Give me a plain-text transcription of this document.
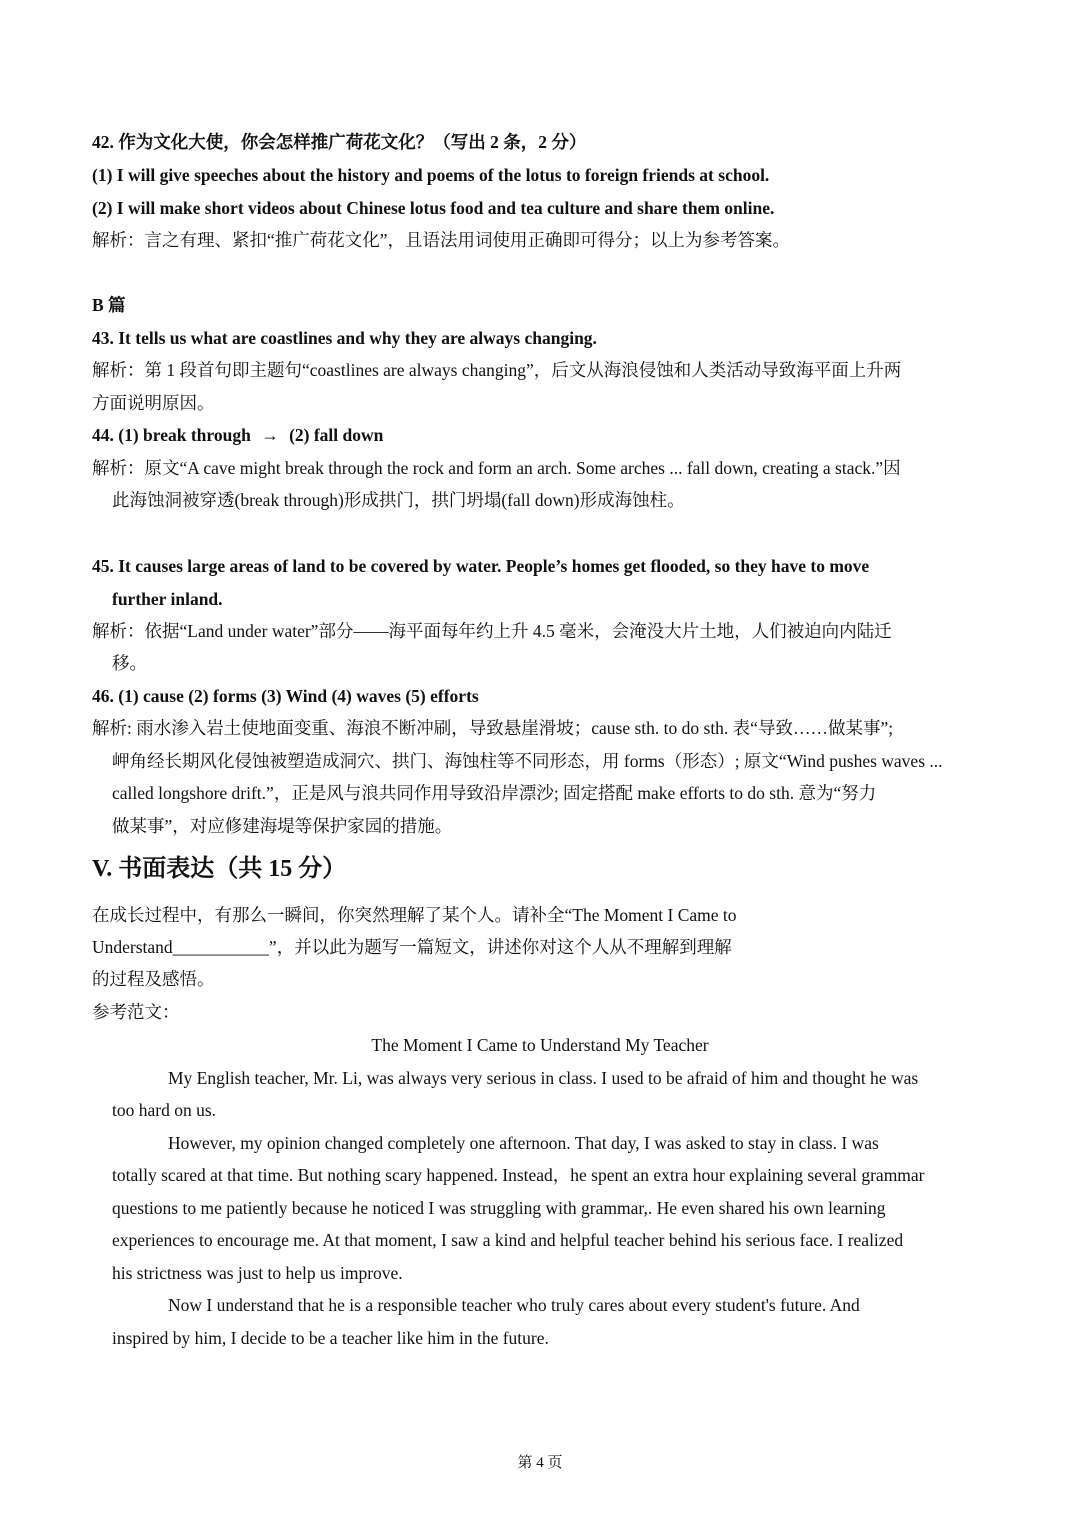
42. 作为文化大使，你会怎样推广荷花文化？（写出 2 条，2 分）
(1) I will give speeches about the history and poems of the lotus to foreign friends at school.
(2) I will make short videos about Chinese lotus food and tea culture and share them online.
解析：言之有理、紧扣“推广荷花文化”，且语法用词使用正确即可得分；以上为参考答案。
B 篇
43. It tells us what are coastlines and why they are always changing.
解析：第 1 段首句即主题句“coastlines are always changing”，后文从海浪侵蚀和人类活动导致海平面上升两
方面说明原因。
44. (1) break through → (2) fall down
解析：原文“A cave might break through the rock and form an arch. Some arches ... fall down, creating a stack.”因
此海蚀洞被穿透(break through)形成拱门，拱门坍塌(fall down)形成海蚀柱。
45. It causes large areas of land to be covered by water. People’s homes get flooded, so they have to move
further inland.
解析：依据“Land under water”部分——海平面每年约上升 4.5 毫米，会淹没大片土地，人们被迫向内陆迁
移。
46. (1) cause (2) forms (3) Wind (4) waves (5) efforts
解析: 雨水渗入岩土使地面变重、海浪不断冲刷，导致悬崖滑坡；cause sth. to do sth. 表“导致……做某事”;
岬角经长期风化侵蚀被塑造成洞穴、拱门、海蚀柱等不同形态，用 forms（形态）; 原文“Wind pushes waves ...
called longshore drift.”，正是风与浪共同作用导致沿岸漂沙; 固定搭配 make efforts to do sth. 意为“努力
做某事”，对应修建海堤等保护家园的措施。
V. 书面表达（共 15 分）
在成长过程中，有那么一瞬间，你突然理解了某个人。请补全“The Moment I Came to
Understand___________”，并以此为题写一篇短文，讲述你对这个人从不理解到理解
的过程及感悟。
参考范文：
The Moment I Came to Understand My Teacher
My English teacher, Mr. Li, was always very serious in class. I used to be afraid of him and thought he was
too hard on us.
However, my opinion changed completely one afternoon. That day, I was asked to stay in class. I was
totally scared at that time. But nothing scary happened. Instead，he spent an extra hour explaining several grammar
questions to me patiently because he noticed I was struggling with grammar,. He even shared his own learning
experiences to encourage me. At that moment, I saw a kind and helpful teacher behind his serious face. I realized
his strictness was just to help us improve.
Now I understand that he is a responsible teacher who truly cares about every student's future. And
inspired by him, I decide to be a teacher like him in the future.
第 4 页
